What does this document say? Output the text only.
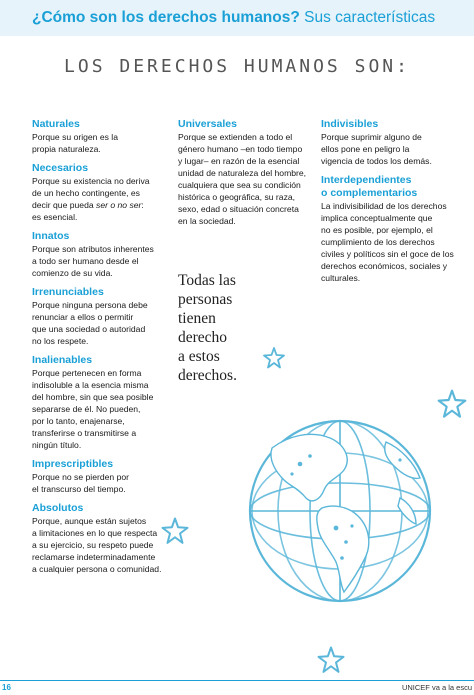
¿Cómo son los derechos humanos? Sus características
LOS DERECHOS HUMANOS SON:
Naturales
Porque su origen es la
propia naturaleza.
Necesarios
Porque su existencia no deriva
de un hecho contingente, es
decir que pueda ser o no ser:
es esencial.
Innatos
Porque son atributos inherentes
a todo ser humano desde el
comienzo de su vida.
Irrenunciables
Porque ninguna persona debe
renunciar a ellos o permitir
que una sociedad o autoridad
no los respete.
Inalienables
Porque pertenecen en forma
indisoluble a la esencia misma
del hombre, sin que sea posible
separarse de él. No pueden,
por lo tanto, enajenarse,
transferirse o transmitirse a
ningún título.
Imprescriptibles
Porque no se pierden por
el transcurso del tiempo.
Absolutos
Porque, aunque están sujetos
a limitaciones en lo que respecta
a su ejercicio, su respeto puede
reclamarse indeterminadamente
a cualquier persona o comunidad.
Universales
Porque se extienden a todo el
género humano –en todo tiempo
y lugar– en razón de la esencial
unidad de naturaleza del hombre,
cualquiera que sea su condición
histórica o geográfica, su raza,
sexo, edad o situación concreta
en la sociedad.
Indivisibles
Porque suprimir alguno de
ellos pone en peligro la
vigencia de todos los demás.
Interdependientes
o complementarios
La indivisibilidad de los derechos
implica conceptualmente que
no es posible, por ejemplo, el
cumplimiento de los derechos
civiles y políticos sin el goce de los
derechos económicos, sociales y
culturales.
Todas las
personas
tienen
derecho
a estos
derechos.
16	UNICEF va a la escu
